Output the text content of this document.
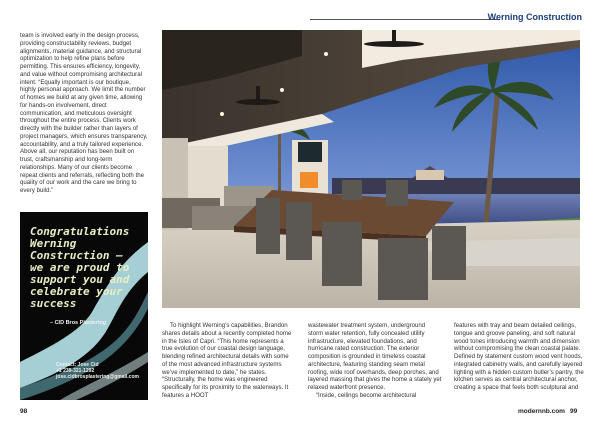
Werning Construction

team is involved early in the design process, providing constructability reviews, budget alignments, material guidance, and structural optimization to help refine plans before permitting. This ensures efficiency, longevity, and value without compromising architectural intent. “Equally important is our boutique, highly personal approach. We limit the number of homes we build at any given time, allowing for hands-on involvement, direct communication, and meticulous oversight throughout the entire process. Clients work directly with the builder rather than layers of project managers, which ensures transparency, accountability, and a truly tailored experience. Above all, our reputation has been built on trust, craftsmanship and long-term relationships. Many of our clients become repeat clients and referrals, reflecting both the quality of our work and the care we bring to every build.”

Congratulations Werning Construction – we are proud to support you and celebrate your success
– CID Bros Plastering
Contact: Jose Cid
+1 239-321-1292
jose.cidbrosplastering@gmail.com

To highlight Werning’s capabilities, Brandon shares details about a recently completed home in the Isles of Capri. “This home represents a true evolution of our coastal design language, blending refined architectural details with some of the most advanced infrastructure systems we’ve implemented to date,” he states. “Structurally, the home was engineered specifically for its proximity to the waterways. It features a HOOT

wastewater treatment system, underground storm water retention, fully concealed utility infrastructure, elevated foundations, and hurricane rated construction. The exterior composition is grounded in timeless coastal architecture, featuring standing seam metal roofing, wide roof overhands, deep porches, and layered massing that gives the home a stately yet relaxed waterfront presence.

“Inside, ceilings become architectural

features with tray and beam detailed ceilings, tongue and groove paneling, and soft natural wood tones introducing warmth and dimension without compromising the clean coastal palate. Defined by statement custom wood vent hoods, integrated cabinetry walls, and carefully layered lighting with a hidden custom butler’s pantry, the kitchen serves as central architectural anchor, creating a space that feels both sculptural and

98	modernnb.com 99
